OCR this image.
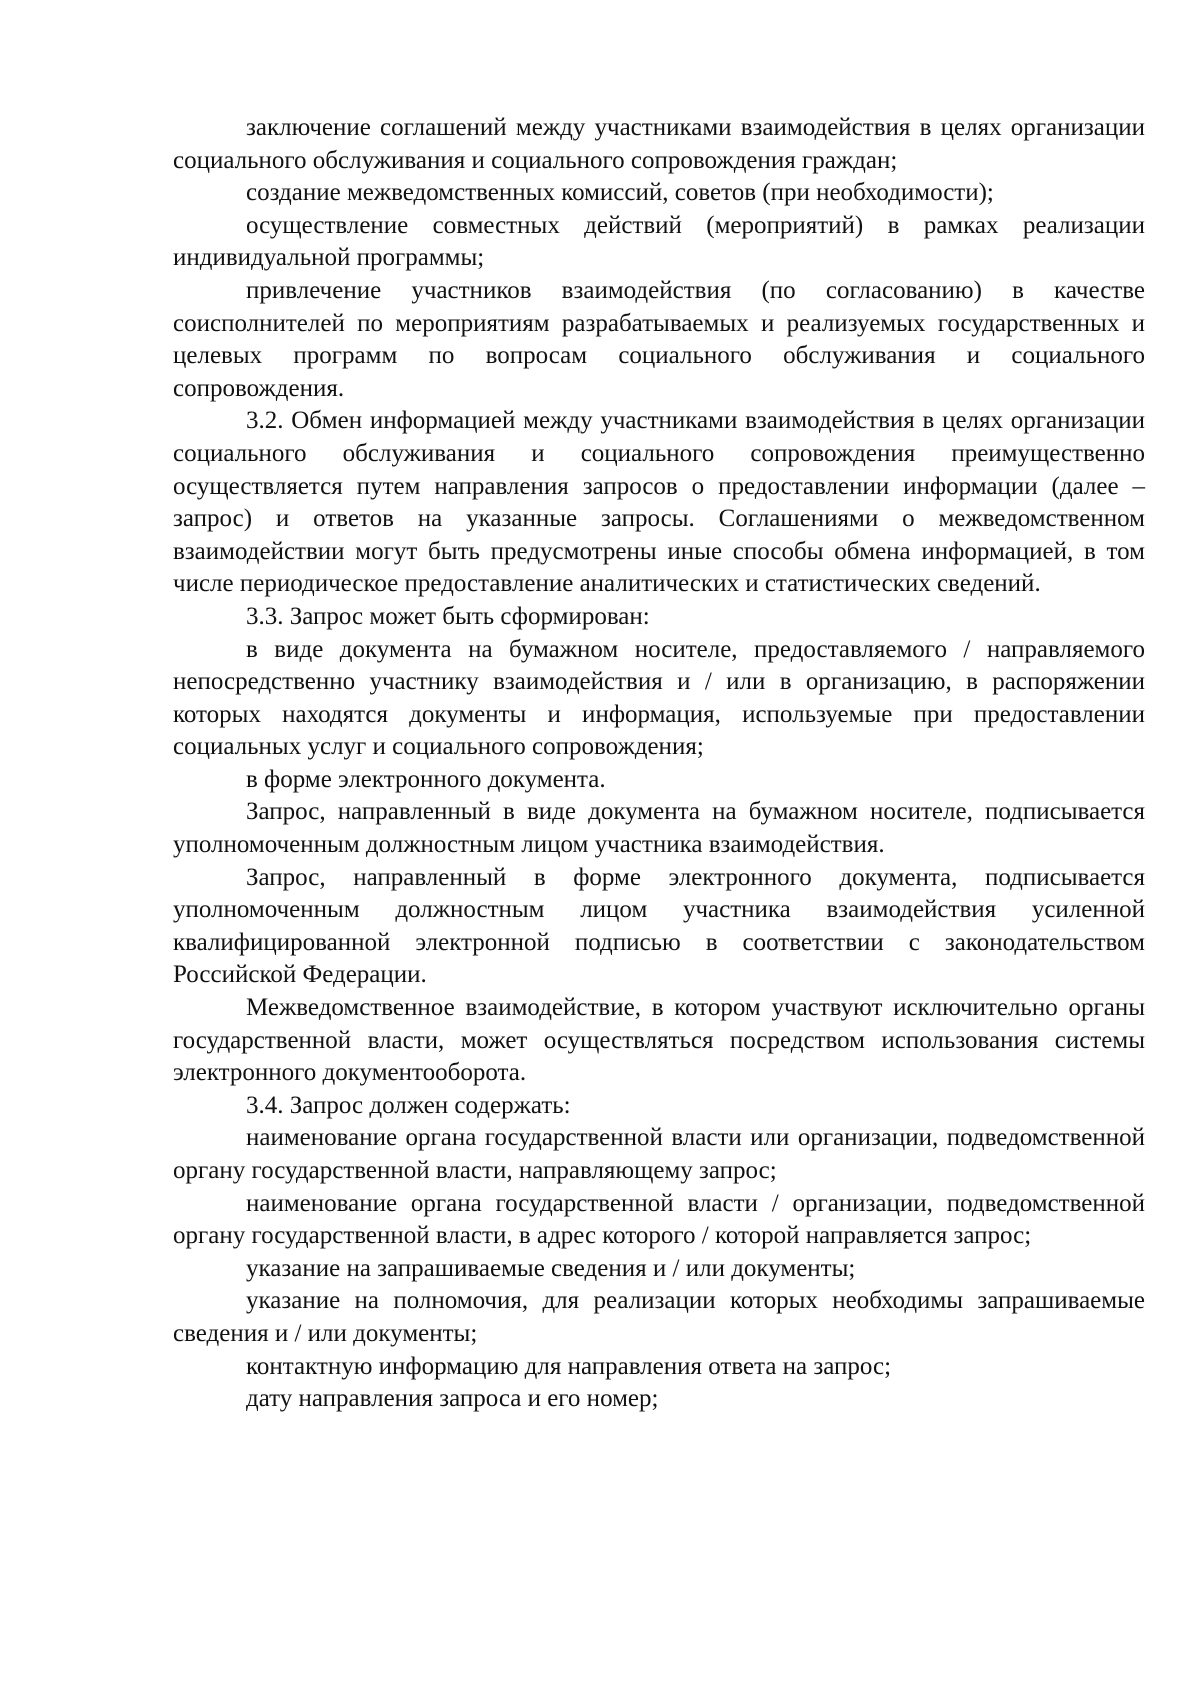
заключение соглашений между участниками взаимодействия в целях организации социального обслуживания и социального сопровождения граждан;

создание межведомственных комиссий, советов (при необходимости);

осуществление совместных действий (мероприятий) в рамках реализации индивидуальной программы;

привлечение участников взаимодействия (по согласованию) в качестве соисполнителей по мероприятиям разрабатываемых и реализуемых государственных и целевых программ по вопросам социального обслуживания и социального сопровождения.

3.2. Обмен информацией между участниками взаимодействия в целях организации социального обслуживания и социального сопровождения преимущественно осуществляется путем направления запросов о предоставлении информации (далее – запрос) и ответов на указанные запросы. Соглашениями о межведомственном взаимодействии могут быть предусмотрены иные способы обмена информацией, в том числе периодическое предоставление аналитических и статистических сведений.

3.3. Запрос может быть сформирован:

в виде документа на бумажном носителе, предоставляемого / направляемого непосредственно участнику взаимодействия и / или в организацию, в распоряжении которых находятся документы и информация, используемые при предоставлении социальных услуг и социального сопровождения;

в форме электронного документа.

Запрос, направленный в виде документа на бумажном носителе, подписывается уполномоченным должностным лицом участника взаимодействия.

Запрос, направленный в форме электронного документа, подписывается уполномоченным должностным лицом участника взаимодействия усиленной квалифицированной электронной подписью в соответствии с законодательством Российской Федерации.

Межведомственное взаимодействие, в котором участвуют исключительно органы государственной власти, может осуществляться посредством использования системы электронного документооборота.

3.4. Запрос должен содержать:

наименование органа государственной власти или организации, подведомственной органу государственной власти, направляющему запрос;

наименование органа государственной власти / организации, подведомственной органу государственной власти, в адрес которого / которой направляется запрос;

указание на запрашиваемые сведения и / или документы;

указание на полномочия, для реализации которых необходимы запрашиваемые сведения и / или документы;

контактную информацию для направления ответа на запрос;

дату направления запроса и его номер;
